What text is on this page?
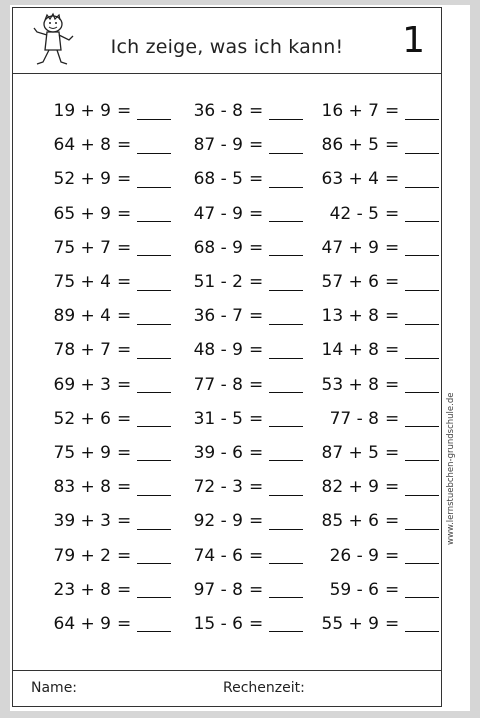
Ich zeige, was ich kann!	1
19 + 9 =	36 - 8 =	16 + 7 =
64 + 8 =	87 - 9 =	86 + 5 =
52 + 9 =	68 - 5 =	63 + 4 =
65 + 9 =	47 - 9 =	42 - 5 =
75 + 7 =	68 - 9 =	47 + 9 =
75 + 4 =	51 - 2 =	57 + 6 =
89 + 4 =	36 - 7 =	13 + 8 =
78 + 7 =	48 - 9 =	14 + 8 =
69 + 3 =	77 - 8 =	53 + 8 =
52 + 6 =	31 - 5 =	77 - 8 =
75 + 9 =	39 - 6 =	87 + 5 =
83 + 8 =	72 - 3 =	82 + 9 =
39 + 3 =	92 - 9 =	85 + 6 =
79 + 2 =	74 - 6 =	26 - 9 =
23 + 8 =	97 - 8 =	59 - 6 =
64 + 9 =	15 - 6 =	55 + 9 =
Name:	Rechenzeit:
www.lernstuebchen-grundschule.de
